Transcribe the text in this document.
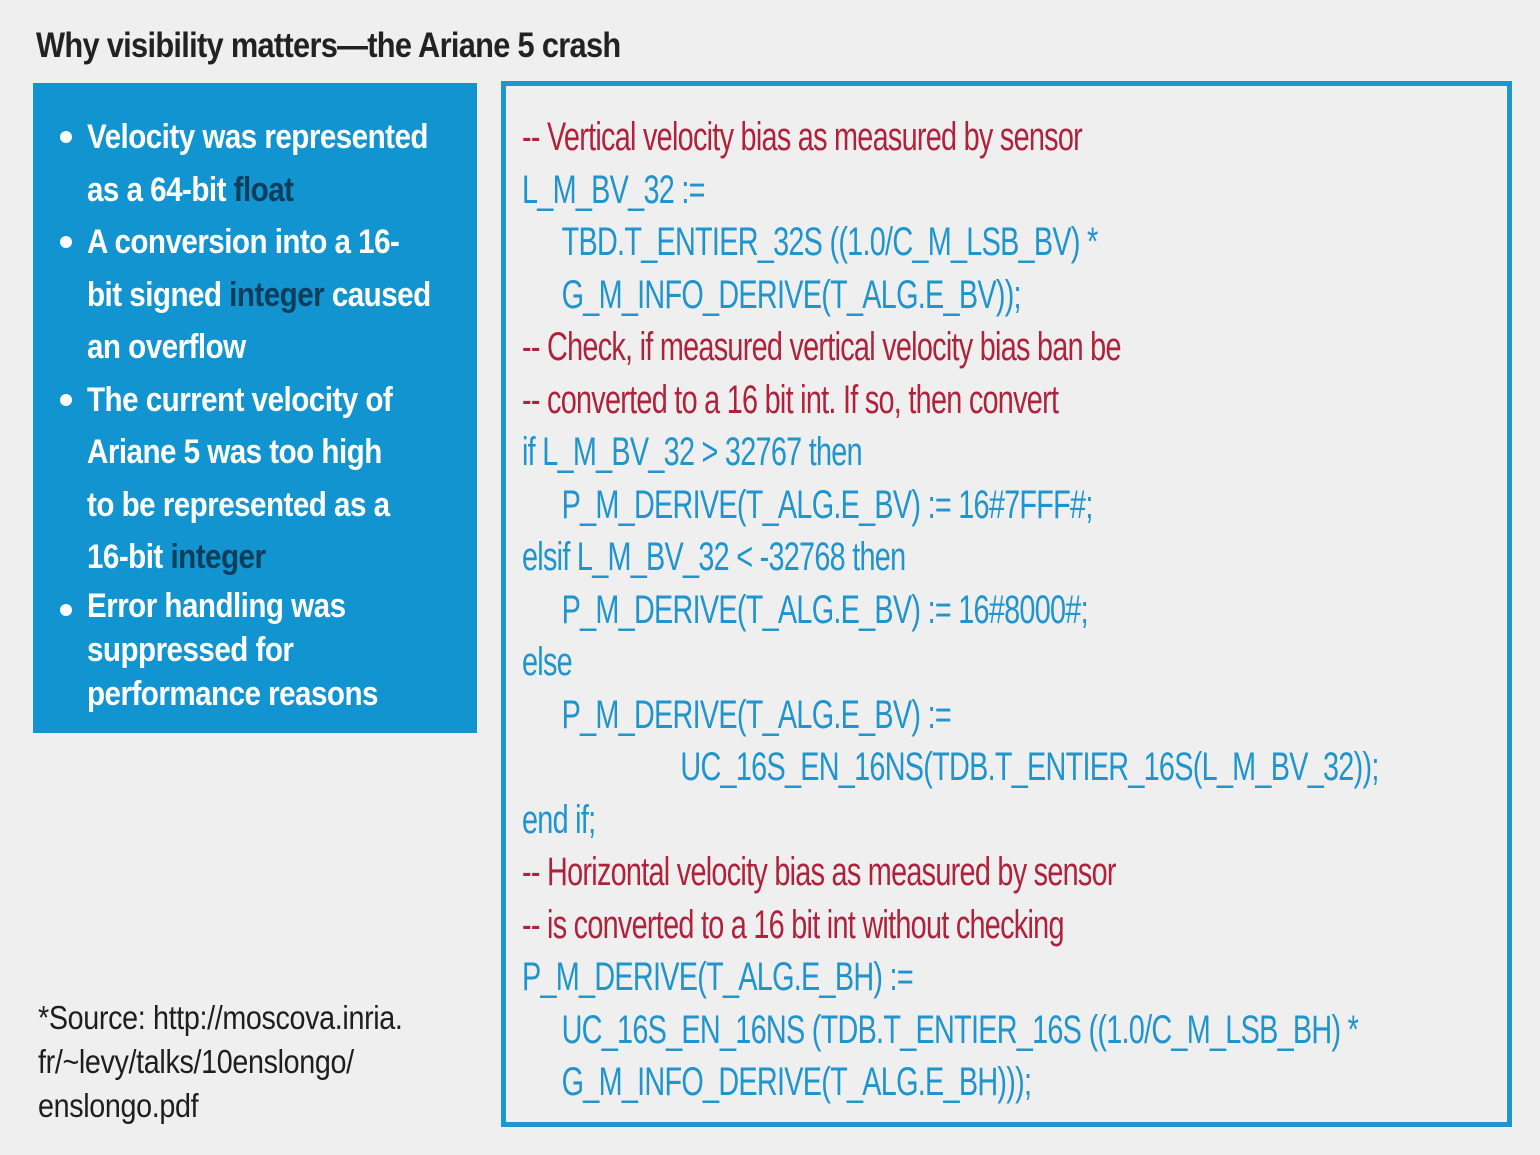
Why visibility matters—the Ariane 5 crash
Velocity was represented
as a 64-bit float
A conversion into a 16-
bit signed integer caused
an overflow
The current velocity of
Ariane 5 was too high
to be represented as a
16-bit integer
Error handling was
suppressed for
performance reasons
-- Vertical velocity bias as measured by sensor
L_M_BV_32 :=
TBD.T_ENTIER_32S ((1.0/C_M_LSB_BV) *
G_M_INFO_DERIVE(T_ALG.E_BV));
-- Check, if measured vertical velocity bias ban be
-- converted to a 16 bit int. If so, then convert
if L_M_BV_32 > 32767 then
P_M_DERIVE(T_ALG.E_BV) := 16#7FFF#;
elsif L_M_BV_32 < -32768 then
P_M_DERIVE(T_ALG.E_BV) := 16#8000#;
else
P_M_DERIVE(T_ALG.E_BV) :=
UC_16S_EN_16NS(TDB.T_ENTIER_16S(L_M_BV_32));
end if;
-- Horizontal velocity bias as measured by sensor
-- is converted to a 16 bit int without checking
P_M_DERIVE(T_ALG.E_BH) :=
UC_16S_EN_16NS (TDB.T_ENTIER_16S ((1.0/C_M_LSB_BH) *
G_M_INFO_DERIVE(T_ALG.E_BH)));
*Source: http://moscova.inria.
fr/~levy/talks/10enslongo/
enslongo.pdf
